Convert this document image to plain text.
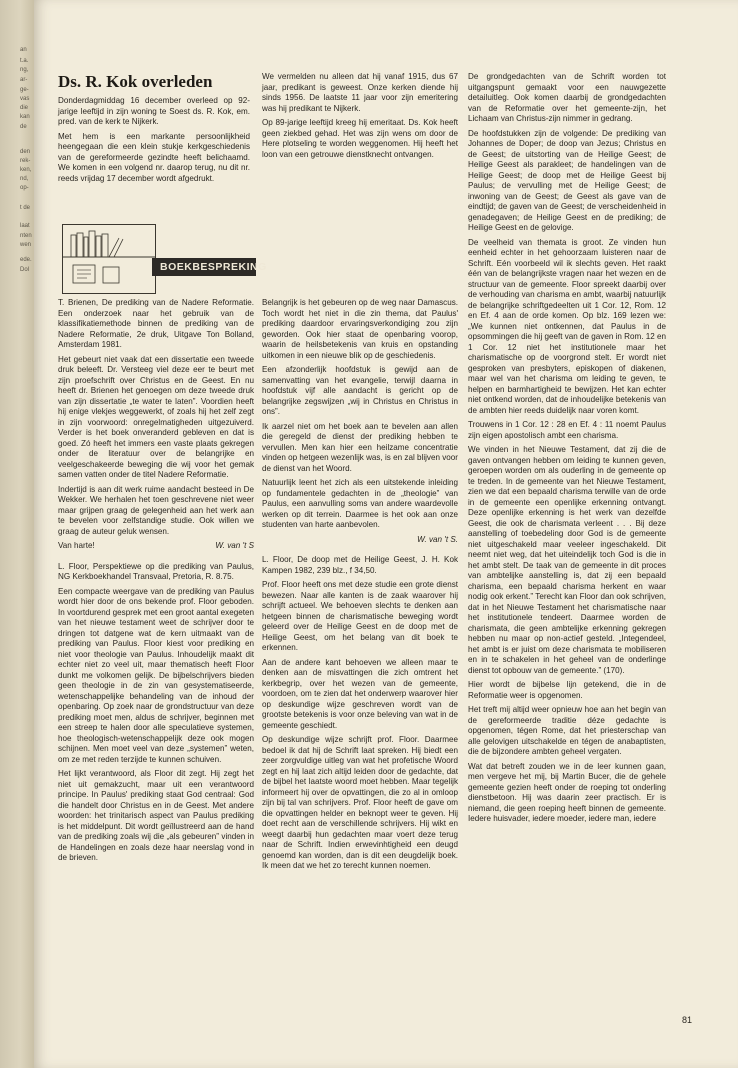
an
t.a.
ng,
ar-
ge-
vas
die
kan
de
den
rek-
ken,
nd,
op-
t de
laat
nten
wen
ede.
Dol
Ds. R. Kok overleden

Donderdagmiddag 16 december overleed op 92-jarige leeftijd in zijn woning te Soest ds. R. Kok, em. pred. van de kerk te Nijkerk.

Met hem is een markante persoonlijkheid heengegaan die een klein stukje kerkgeschiedenis van de gereformeerde gezindte heeft belichaamd. We komen in een volgend nr. daarop terug, nu dit nr. reeds vrijdag 17 december wordt afgedrukt.

We vermelden nu alleen dat hij vanaf 1915, dus 67 jaar, predikant is geweest. Onze kerken diende hij sinds 1956. De laatste 11 jaar voor zijn emeritering was hij predikant te Nijkerk.

Op 89-jarige leeftijd kreeg hij emeritaat. Ds. Kok heeft geen ziekbed gehad. Het was zijn wens om door de Here plotseling te worden weggenomen. Hij heeft het loon van een getrouwe dienstknecht ontvangen.

BOEKBESPREKING

T. Brienen, De prediking van de Nadere Reformatie. Een onderzoek naar het gebruik van de klassifikatiemethode binnen de prediking van de Nadere Reformatie, 2e druk, Uitgave Ton Bolland, Amsterdam 1981.

Het gebeurt niet vaak dat een dissertatie een tweede druk beleeft. Dr. Versteeg viel deze eer te beurt met zijn proefschrift over Christus en de Geest. En nu heeft dr. Brienen het genoegen om deze tweede druk van zijn dissertatie „te water te laten”. Voordien heeft hij enige vlekjes weggewerkt, of zoals hij het zelf zegt in zijn voorwoord: onregelmatigheden uitgezuiverd. Verder is het boek onveranderd gebleven en dat is goed. Zó heeft het immers een vaste plaats gekregen onder de literatuur over de belangrijke en veelgeschakeerde beweging die wij voor het gemak samen vatten onder de titel Nadere Reformatie.

Indertijd is aan dit werk ruime aandacht besteed in De Wekker. We herhalen het toen geschrevene niet weer maar grijpen graag de gelegenheid aan het werk aan te bevelen voor zelfstandige studie. Ook willen we graag de auteur geluk wensen.

Van harte!	W. van 't S

L. Floor, Perspektiewe op die prediking van Paulus, NG Kerkboekhandel Transvaal, Pretoria, R. 8.75.

Een compacte weergave van de prediking van Paulus wordt hier door de ons bekende prof. Floor geboden. In voortdurend gesprek met een groot aantal exegeten van het nieuwe testament weet de schrijver door te dringen tot datgene wat de kern uitmaakt van de prediking van Paulus. Floor kiest voor prediking en niet voor theologie van Paulus. Inhoudelijk maakt dit echter niet zo veel uit, maar thematisch heeft Floor dunkt me volkomen gelijk. De bijbelschrijvers bieden geen theologie in de zin van gesystematiseerde, wetenschappelijke behandeling van de inhoud der openbaring. Op zoek naar de grondstructuur van deze prediking moet men, aldus de schrijver, beginnen met een streep te halen door alle speculatieve systemen, hoe theologisch-wetenschappelijk deze ook mogen schijnen. Men moet veel van deze „systemen” weten, om ze met reden terzijde te kunnen schuiven.

Het lijkt verantwoord, als Floor dit zegt. Hij zegt het niet uit gemakzucht, maar uit een verantwoord principe. In Paulus' prediking staat God centraal: God die handelt door Christus en in de Geest. Met andere woorden: het trinitarisch aspect van Paulus prediking is het middelpunt. Dit wordt geïllustreerd aan de hand van de prediking zoals wij die „als gebeuren” vinden in de Handelingen en zoals deze haar neerslag vond in de brieven.

Belangrijk is het gebeuren op de weg naar Damascus. Toch wordt het niet in die zin thema, dat Paulus' prediking daardoor ervaringsverkondiging zou zijn geworden. Ook hier staat de openbaring voorop, waarin de heilsbetekenis van kruis en opstanding uitkomen in een nieuwe blik op de geschiedenis.

Een afzonderlijk hoofdstuk is gewijd aan de samenvatting van het evangelie, terwijl daarna in hoofdstuk vijf alle aandacht is gericht op de belangrijke zegswijzen „wij in Christus en Christus in ons”.

Ik aarzel niet om het boek aan te bevelen aan allen die geregeld de dienst der prediking hebben te vervullen. Men kan hier een heilzame concentratie vinden op hetgeen wezenlijk was, is en zal blijven voor de dienst van het Woord.

Natuurlijk leent het zich als een uitstekende inleiding op fundamentele gedachten in de „theologie” van Paulus, een aanvulling soms van andere waardevolle werken op dit terrein. Daarmee is het ook aan onze studenten van harte aanbevolen.

W. van 't S.

L. Floor, De doop met de Heilige Geest, J. H. Kok Kampen 1982, 239 blz., f 34,50.

Prof. Floor heeft ons met deze studie een grote dienst bewezen. Naar alle kanten is de zaak waarover hij schrijft actueel. We behoeven slechts te denken aan hetgeen binnen de charismatische beweging wordt geleerd over de Heilige Geest en de doop met de Heilige Geest, om het belang van dit boek te erkennen.

Aan de andere kant behoeven we alleen maar te denken aan de misvattingen die zich omtrent het kerkbegrip, over het wezen van de gemeente, voordoen, om te zien dat het onderwerp waarover hier op deskundige wijze geschreven wordt van de grootste betekenis is voor onze beleving van wat in de gemeente geschiedt.

Op deskundige wijze schrijft prof. Floor. Daarmee bedoel ik dat hij de Schrift laat spreken. Hij biedt een zeer zorgvuldige uitleg van wat het profetische Woord zegt en hij laat zich altijd leiden door de gedachte, dat de bijbel het laatste woord moet hebben. Maar tegelijk informeert hij over de opvattingen, die zo al in omloop zijn bij tal van schrijvers. Prof. Floor heeft de gave om die opvattingen helder en beknopt weer te geven. Hij doet recht aan de verschillende schrijvers. Hij wikt en weegt daarbij hun gedachten maar voert deze terug naar de Schrift. Indien erwevinhtigheid een deugd genoemd kan worden, dan is dit een deugdelijk boek. Ik meen dat we het zo terecht kunnen noemen.

De grondgedachten van de Schrift worden tot uitgangspunt gemaakt voor een nauwgezette detailuitleg. Ook komen daarbij de grondgedachten van de Reformatie over het gemeente-zijn, het Lichaam van Christus-zijn nimmer in gedrang.

De hoofdstukken zijn de volgende: De prediking van Johannes de Doper; de doop van Jezus; Christus en de Geest; de uitstorting van de Heilige Geest; de Heilige Geest als parakleet; de handelingen van de Heilige Geest; de doop met de Heilige Geest bij Paulus; de vervulling met de Heilige Geest; de inwoning van de Geest; de Geest als gave van de eindtijd; de gaven van de Geest; de verscheidenheid in genadegaven; de Heilige Geest en de prediking; de Heilige Geest en de gelovige.

De veelheid van themata is groot. Ze vinden hun eenheid echter in het gehoorzaam luisteren naar de Schrift. Eén voorbeeld wil ik slechts geven. Het raakt één van de belangrijkste vragen naar het wezen en de structuur van de gemeente. Floor spreekt daarbij over de verhouding van charisma en ambt, waarbij natuurlijk de belangrijke schriftgedeelten uit 1 Cor. 12, Rom. 12 en Ef. 4 aan de orde komen. Op blz. 169 lezen we: „We kunnen niet ontkennen, dat Paulus in de opsommingen die hij geeft van de gaven in Rom. 12 en 1 Cor. 12 niet het institutionele maar het charismatische op de voorgrond stelt. Er wordt niet gesproken van presbyters, episkopen of diakenen, maar wel van het charisma om leiding te geven, te helpen en barmhartigheid te bewijzen. Het kan echter niet ontkend worden, dat de inhoudelijke betekenis van de ambten hier reeds duidelijk naar voren komt.

Trouwens in 1 Cor. 12 : 28 en Ef. 4 : 11 noemt Paulus zijn eigen apostolisch ambt een charisma.

We vinden in het Nieuwe Testament, dat zij die de gaven ontvangen hebben om leiding te kunnen geven, geroepen worden om als ouderling in de gemeente op te treden. In de gemeente van het Nieuwe Testament, zien we dat een bepaald charisma terwille van de orde in de gemeente een openlijke erkenning ontvangt. Deze openlijke erkenning is het werk van dezelfde Geest, die ook de charismata verleent . . . Bij deze aanstelling of toebedeling door God is de gemeente niet uitgeschakeld maar veeleer ingeschakeld. Dit neemt niet weg, dat het uiteindelijk toch God is die in het ambt stelt. De taak van de gemeente in dit proces van ambtelijke aanstelling is, dat zij een bepaald charisma, een bepaald charisma herkent en waar nodig ook erkent.” Terecht kan Floor dan ook schrijven, dat in het Nieuwe Testament het charismatische naar het institutionele tendeert. Daarmee worden de charismata, die geen ambtelijke erkenning gekregen hebben nu maar op non-actief gesteld. „Integendeel, het ambt is er juist om deze charismata te mobiliseren en in te schakelen in het geheel van de onderlinge dienst tot opbouw van de gemeente.” (170).

Hier wordt de bijbelse lijn getekend, die in de Reformatie weer is opgenomen.

Het treft mij altijd weer opnieuw hoe aan het begin van de gereformeerde traditie déze gedachte is opgenomen, tégen Rome, dat het priesterschap van alle gelovigen uitschakelde en tégen de anabaptisten, die de bijzondere ambten geheel vergaten.

Wat dat betreft zouden we in de leer kunnen gaan, men vergeve het mij, bij Martin Bucer, die de gehele gemeente gezien heeft onder de roeping tot onderling dienstbetoon. Hij was daarin zeer practisch. Er is niemand, die geen roeping heeft binnen de gemeente. Iedere huisvader, iedere moeder, iedere man, iedere

81
